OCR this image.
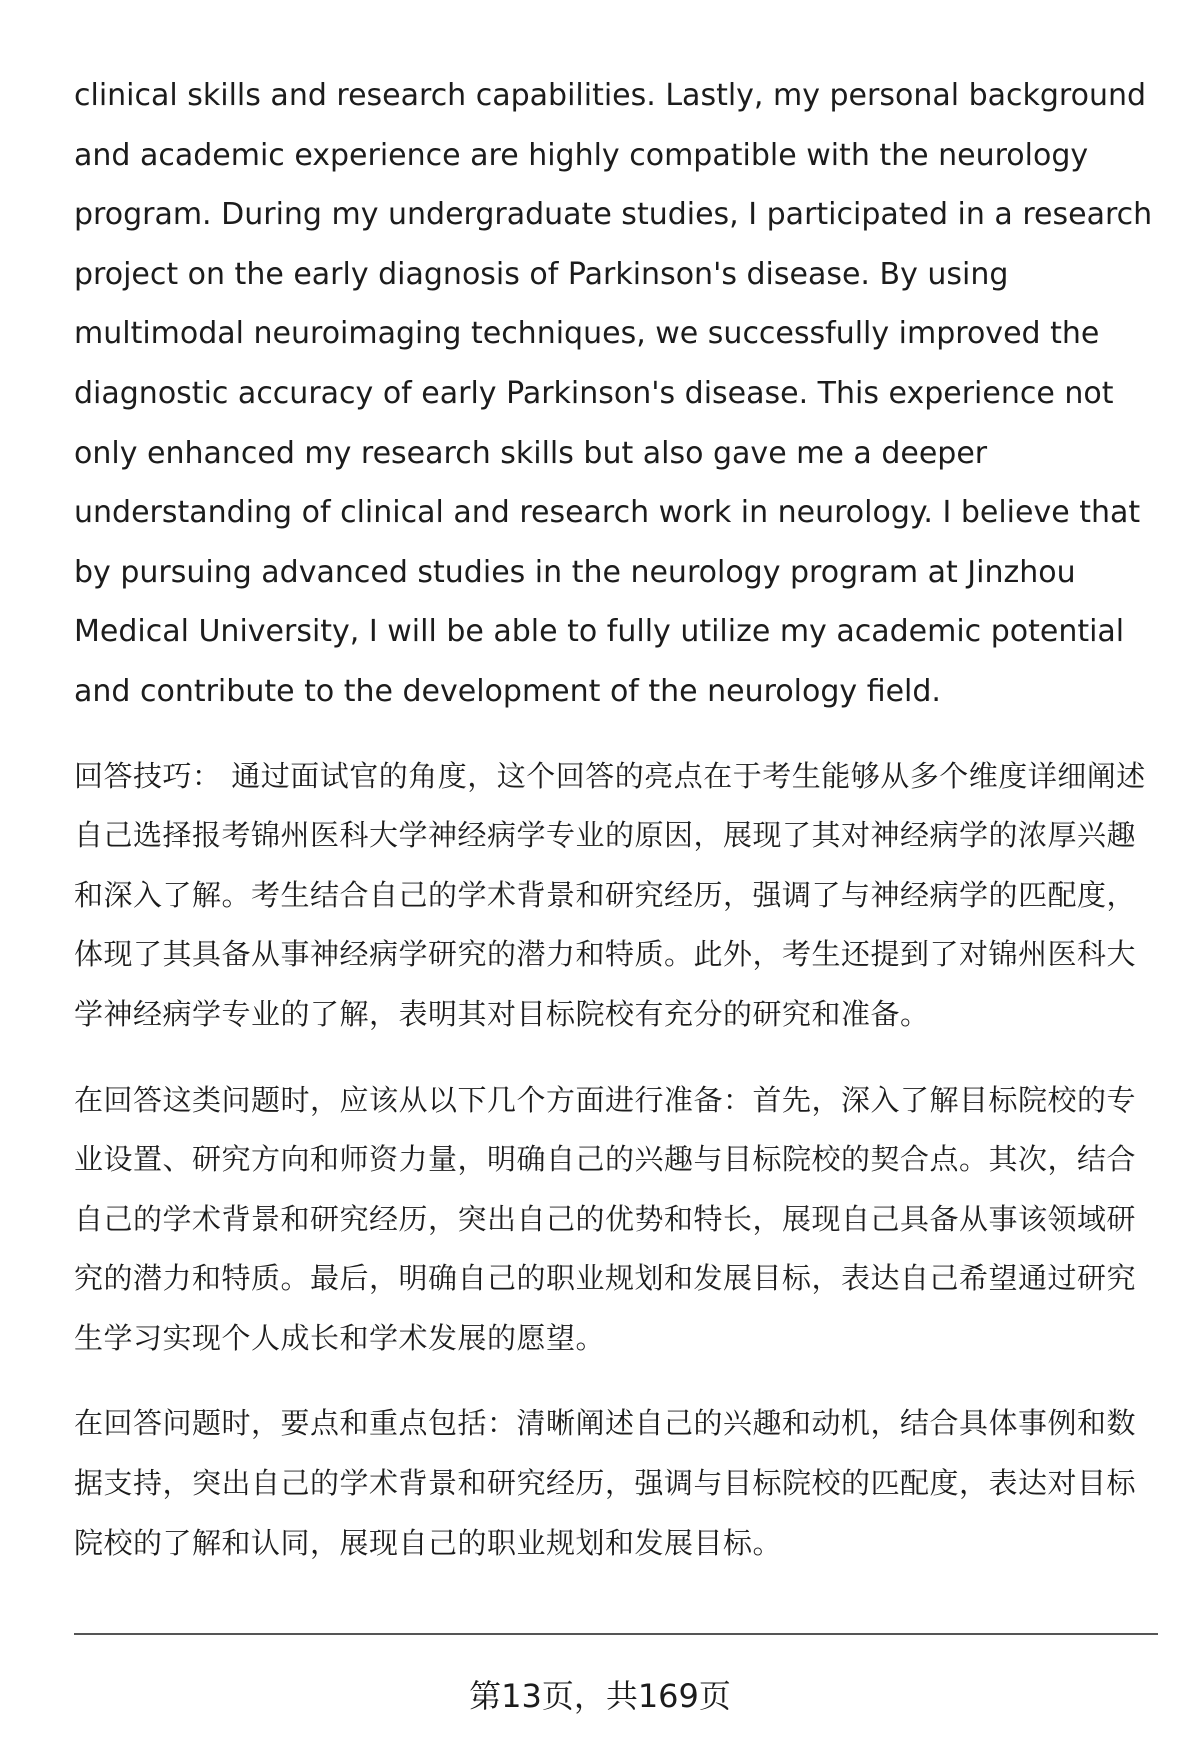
clinical skills and research capabilities. Lastly, my personal background and academic experience are highly compatible with the neurology program. During my undergraduate studies, I participated in a research project on the early diagnosis of Parkinson's disease. By using multimodal neuroimaging techniques, we successfully improved the diagnostic accuracy of early Parkinson's disease. This experience not only enhanced my research skills but also gave me a deeper understanding of clinical and research work in neurology. I believe that by pursuing advanced studies in the neurology program at Jinzhou Medical University, I will be able to fully utilize my academic potential and contribute to the development of the neurology field.

回答技巧： 通过面试官的角度，这个回答的亮点在于考生能够从多个维度详细阐述自己选择报考锦州医科大学神经病学专业的原因，展现了其对神经病学的浓厚兴趣和深入了解。考生结合自己的学术背景和研究经历，强调了与神经病学的匹配度，体现了其具备从事神经病学研究的潜力和特质。此外，考生还提到了对锦州医科大学神经病学专业的了解，表明其对目标院校有充分的研究和准备。

在回答这类问题时，应该从以下几个方面进行准备：首先，深入了解目标院校的专业设置、研究方向和师资力量，明确自己的兴趣与目标院校的契合点。其次，结合自己的学术背景和研究经历，突出自己的优势和特长，展现自己具备从事该领域研究的潜力和特质。最后，明确自己的职业规划和发展目标，表达自己希望通过研究生学习实现个人成长和学术发展的愿望。

在回答问题时，要点和重点包括：清晰阐述自己的兴趣和动机，结合具体事例和数据支持，突出自己的学术背景和研究经历，强调与目标院校的匹配度，表达对目标院校的了解和认同，展现自己的职业规划和发展目标。

第13页，共169页
